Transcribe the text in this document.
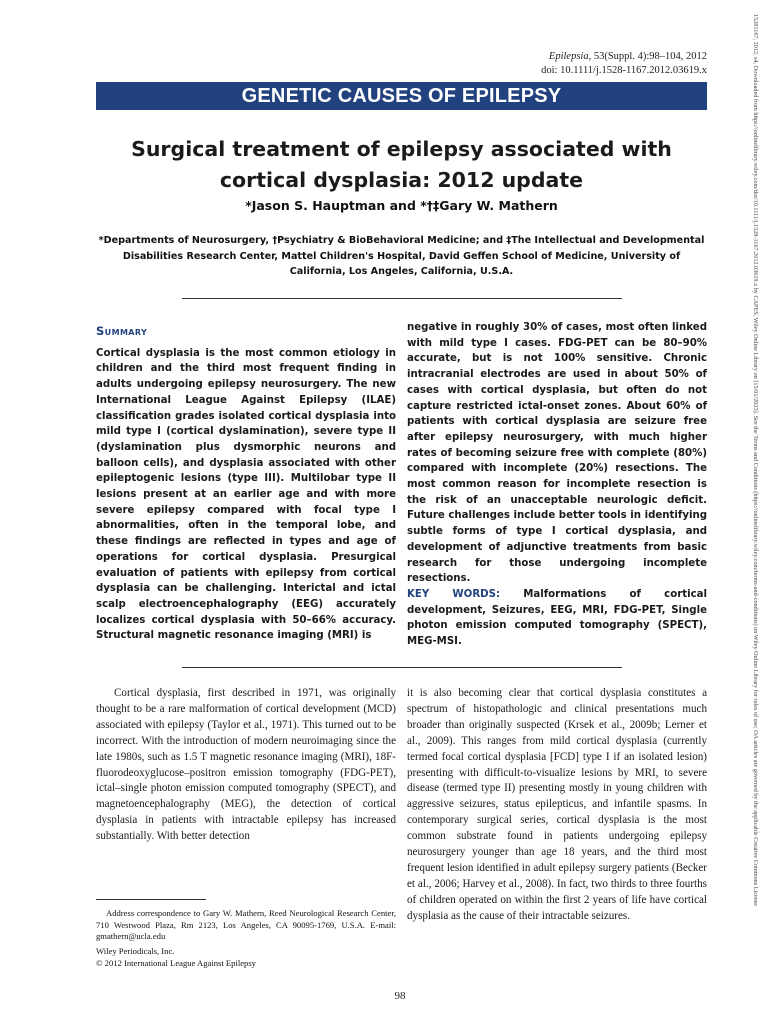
15281167, 2012, s4, Downloaded from https://onlinelibrary.wiley.com/doi/10.1111/j.1528-1167.2012.03619.x by CAPES, Wiley Online Library on [15/01/2023]. See the Terms and Conditions (https://onlinelibrary.wiley.com/terms-and-conditions) on Wiley Online Library for rules of use; OA articles are governed by the applicable Creative Commons License
Epilepsia, 53(Suppl. 4):98–104, 2012
doi: 10.1111/j.1528-1167.2012.03619.x
GENETIC CAUSES OF EPILEPSY
Surgical treatment of epilepsy associated with cortical dysplasia: 2012 update
*Jason S. Hauptman and *†‡Gary W. Mathern
*Departments of Neurosurgery, †Psychiatry & BioBehavioral Medicine; and ‡The Intellectual and Developmental Disabilities Research Center, Mattel Children's Hospital, David Geffen School of Medicine, University of California, Los Angeles, California, U.S.A.
Summary
Cortical dysplasia is the most common etiology in children and the third most frequent finding in adults undergoing epilepsy neurosurgery. The new International League Against Epilepsy (ILAE) classification grades isolated cortical dysplasia into mild type I (cortical dyslamination), severe type II (dyslamination plus dysmorphic neurons and balloon cells), and dysplasia associated with other epileptogenic lesions (type III). Multilobar type II lesions present at an earlier age and with more severe epilepsy compared with focal type I abnormalities, often in the temporal lobe, and these findings are reflected in types and age of operations for cortical dysplasia. Presurgical evaluation of patients with epilepsy from cortical dysplasia can be challenging. Interictal and ictal scalp electroencephalography (EEG) accurately localizes cortical dysplasia with 50–66% accuracy. Structural magnetic resonance imaging (MRI) is
negative in roughly 30% of cases, most often linked with mild type I cases. FDG-PET can be 80–90% accurate, but is not 100% sensitive. Chronic intracranial electrodes are used in about 50% of cases with cortical dysplasia, but often do not capture restricted ictal-onset zones. About 60% of patients with cortical dysplasia are seizure free after epilepsy neurosurgery, with much higher rates of becoming seizure free with complete (80%) compared with incomplete (20%) resections. The most common reason for incomplete resection is the risk of an unacceptable neurologic deficit. Future challenges include better tools in identifying subtle forms of type I cortical dysplasia, and development of adjunctive treatments from basic research for those undergoing incomplete resections.
KEY WORDS: Malformations of cortical development, Seizures, EEG, MRI, FDG-PET, Single photon emission computed tomography (SPECT), MEG-MSI.

Cortical dysplasia, first described in 1971, was originally thought to be a rare malformation of cortical development (MCD) associated with epilepsy (Taylor et al., 1971). This turned out to be incorrect. With the introduction of modern neuroimaging since the late 1980s, such as 1.5 T magnetic resonance imaging (MRI), 18F-fluorodeoxyglucose–positron emission tomography (FDG-PET), ictal–single photon emission computed tomography (SPECT), and magnetoencephalography (MEG), the detection of cortical dysplasia in patients with intractable epilepsy has increased substantially. With better detection

it is also becoming clear that cortical dysplasia constitutes a spectrum of histopathologic and clinical presentations much broader than originally suspected (Krsek et al., 2009b; Lerner et al., 2009). This ranges from mild cortical dysplasia (currently termed focal cortical dysplasia [FCD] type I if an isolated lesion) presenting with difficult-to-visualize lesions by MRI, to severe disease (termed type II) presenting mostly in young children with aggressive seizures, status epilepticus, and infantile spasms. In contemporary surgical series, cortical dysplasia is the most common substrate found in patients undergoing epilepsy neurosurgery younger than age 18 years, and the third most frequent lesion identified in adult epilepsy surgery patients (Becker et al., 2006; Harvey et al., 2008). In fact, two thirds to three fourths of children operated on within the first 2 years of life have cortical dysplasia as the cause of their intractable seizures.

Address correspondence to Gary W. Mathern, Reed Neurological Research Center, 710 Westwood Plaza, Rm 2123, Los Angeles, CA 90095-1769, U.S.A. E-mail: gmathern@ucla.edu

Wiley Periodicals, Inc.

© 2012 International League Against Epilepsy

98
